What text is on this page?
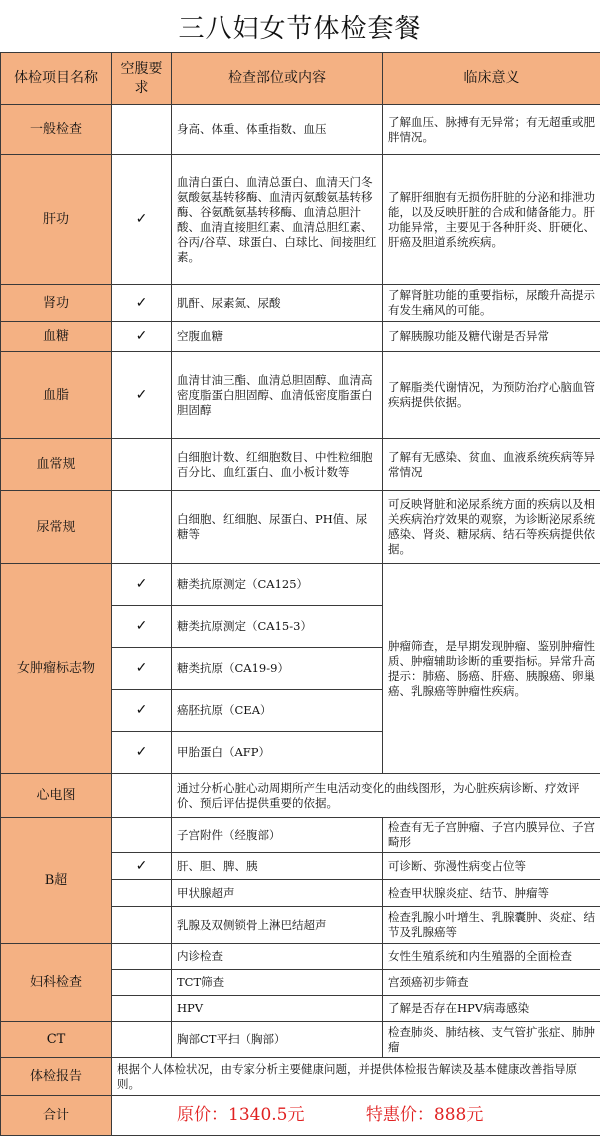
三八妇女节体检套餐
体检项目名称	空腹要求	检查部位或内容	临床意义
一般检查		身高、体重、体重指数、血压	了解血压、脉搏有无异常；有无超重或肥胖情况。
肝功	✓	血清白蛋白、血清总蛋白、血清天门冬氨酸氨基转移酶、血清丙氨酸氨基转移酶、谷氨酰氨基转移酶、血清总胆汁酸、血清直接胆红素、血清总胆红素、谷丙/谷草、球蛋白、白球比、间接胆红素。	了解肝细胞有无损伤肝脏的分泌和排泄功能，以及反映肝脏的合成和储备能力。肝功能异常，主要见于各种肝炎、肝硬化、肝癌及胆道系统疾病。
肾功	✓	肌酐、尿素氮、尿酸	了解肾脏功能的重要指标，尿酸升高提示有发生痛风的可能。
血糖	✓	空腹血糖	了解胰腺功能及糖代谢是否异常
血脂	✓	血清甘油三酯、血清总胆固醇、血清高密度脂蛋白胆固醇、血清低密度脂蛋白胆固醇	了解脂类代谢情况，为预防治疗心脑血管疾病提供依据。
血常规		白细胞计数、红细胞数目、中性粒细胞百分比、血红蛋白、血小板计数等	了解有无感染、贫血、血液系统疾病等异常情况
尿常规		白细胞、红细胞、尿蛋白、PH值、尿糖等	可反映肾脏和泌尿系统方面的疾病以及相关疾病治疗效果的观察，为诊断泌尿系统感染、肾炎、糖尿病、结石等疾病提供依据。
女肿瘤标志物	✓	糖类抗原测定（CA125）	肿瘤筛查，是早期发现肿瘤、鉴别肿瘤性质、肿瘤辅助诊断的重要指标。异常升高提示：肺癌、肠癌、肝癌、胰腺癌、卵巢癌、乳腺癌等肿瘤性疾病。
	✓	糖类抗原测定（CA15-3）	
	✓	糖类抗原（CA19-9）	
	✓	癌胚抗原（CEA）	
	✓	甲胎蛋白（AFP）	
心电图		通过分析心脏心动周期所产生电活动变化的曲线图形，为心脏疾病诊断、疗效评价、预后评估提供重要的依据。	
B超		子宫附件（经腹部）	检查有无子宫肿瘤、子宫内膜异位、子宫畸形
	✓	肝、胆、脾、胰	可诊断、弥漫性病变占位等
		甲状腺超声	检查甲状腺炎症、结节、肿瘤等
		乳腺及双侧锁骨上淋巴结超声	检查乳腺小叶增生、乳腺囊肿、炎症、结节及乳腺癌等
妇科检查		内诊检查	女性生殖系统和内生殖器的全面检查
		TCT筛查	宫颈癌初步筛查
		HPV	了解是否存在HPV病毒感染
CT		胸部CT平扫（胸部）	检查肺炎、肺结核、支气管扩张症、肺肿瘤
体检报告	根据个人体检状况，由专家分析主要健康问题，并提供体检报告解读及基本健康改善指导原则。		
合计	原价：1340.5元 特惠价：888元		
